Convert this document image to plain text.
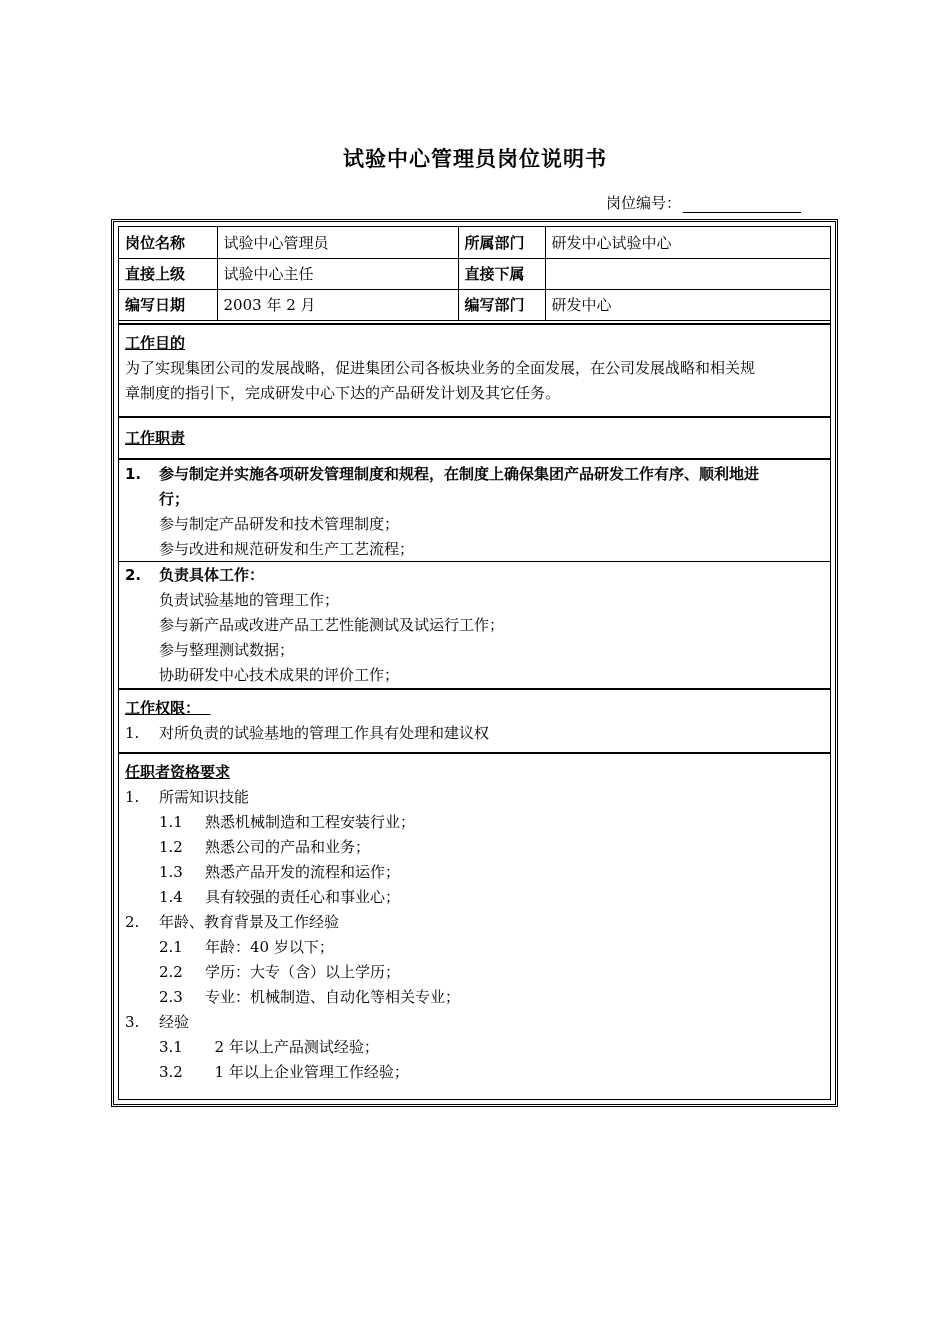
试验中心管理员岗位说明书
岗位编号：
岗位名称	试验中心管理员	所属部门	研发中心试验中心
直接上级	试验中心主任	直接下属	
编写日期	2003 年 2 月	编写部门	研发中心
工作目的
为了实现集团公司的发展战略，促进集团公司各板块业务的全面发展，在公司发展战略和相关规
章制度的指引下，完成研发中心下达的产品研发计划及其它任务。
工作职责
1. 参与制定并实施各项研发管理制度和规程，在制度上确保集团产品研发工作有序、顺利地进
行；
参与制定产品研发和技术管理制度；
参与改进和规范研发和生产工艺流程；
2. 负责具体工作：
负责试验基地的管理工作；
参与新产品或改进产品工艺性能测试及试运行工作；
参与整理测试数据；
协助研发中心技术成果的评价工作；
工作权限：
1. 对所负责的试验基地的管理工作具有处理和建议权
任职者资格要求
1. 所需知识技能
1.1 熟悉机械制造和工程安装行业；
1.2 熟悉公司的产品和业务；
1.3 熟悉产品开发的流程和运作；
1.4 具有较强的责任心和事业心；
2. 年龄、教育背景及工作经验
2.1 年龄：40 岁以下；
2.2 学历：大专（含）以上学历；
2.3 专业：机械制造、自动化等相关专业；
3. 经验
3.1  2 年以上产品测试经验；
3.2  1 年以上企业管理工作经验；
